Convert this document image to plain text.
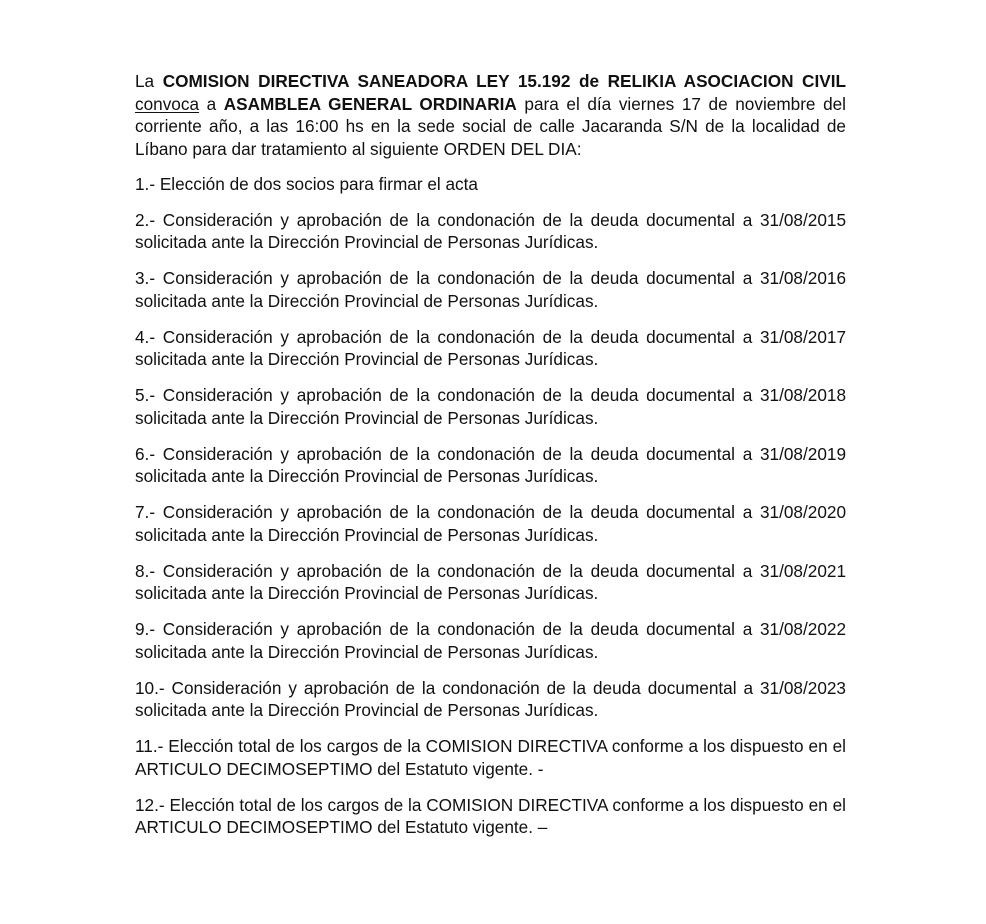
La COMISION DIRECTIVA SANEADORA LEY 15.192 de RELIKIA ASOCIACION CIVIL convoca a ASAMBLEA GENERAL ORDINARIA para el día viernes 17 de noviembre del corriente año, a las 16:00 hs en la sede social de calle Jacaranda S/N de la localidad de Líbano para dar tratamiento al siguiente ORDEN DEL DIA:

1.- Elección de dos socios para firmar el acta

2.- Consideración y aprobación de la condonación de la deuda documental a 31/08/2015 solicitada ante la Dirección Provincial de Personas Jurídicas.

3.- Consideración y aprobación de la condonación de la deuda documental a 31/08/2016 solicitada ante la Dirección Provincial de Personas Jurídicas.

4.- Consideración y aprobación de la condonación de la deuda documental a 31/08/2017 solicitada ante la Dirección Provincial de Personas Jurídicas.

5.- Consideración y aprobación de la condonación de la deuda documental a 31/08/2018 solicitada ante la Dirección Provincial de Personas Jurídicas.

6.- Consideración y aprobación de la condonación de la deuda documental a 31/08/2019 solicitada ante la Dirección Provincial de Personas Jurídicas.

7.- Consideración y aprobación de la condonación de la deuda documental a 31/08/2020 solicitada ante la Dirección Provincial de Personas Jurídicas.

8.- Consideración y aprobación de la condonación de la deuda documental a 31/08/2021 solicitada ante la Dirección Provincial de Personas Jurídicas.

9.- Consideración y aprobación de la condonación de la deuda documental a 31/08/2022 solicitada ante la Dirección Provincial de Personas Jurídicas.

10.- Consideración y aprobación de la condonación de la deuda documental a 31/08/2023 solicitada ante la Dirección Provincial de Personas Jurídicas.

11.- Elección total de los cargos de la COMISION DIRECTIVA conforme a los dispuesto en el ARTICULO DECIMOSEPTIMO del Estatuto vigente. -

12.- Elección total de los cargos de la COMISION DIRECTIVA conforme a los dispuesto en el ARTICULO DECIMOSEPTIMO del Estatuto vigente. –
